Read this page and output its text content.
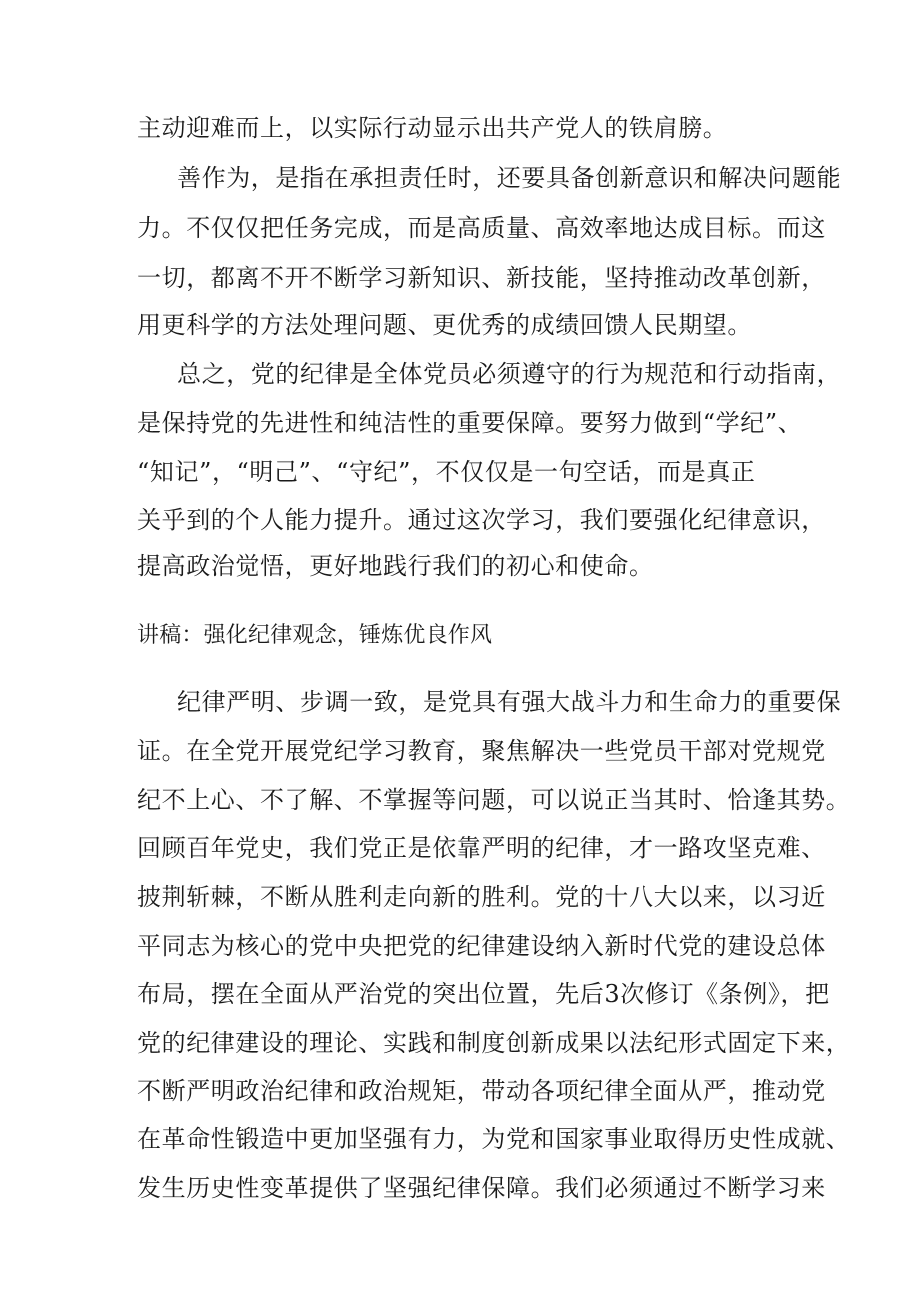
主动迎难而上，以实际行动显示出共产党人的铁肩膀。
善作为，是指在承担责任时，还要具备创新意识和解决问题能
力。不仅仅把任务完成，而是高质量、高效率地达成目标。而这
一切，都离不开不断学习新知识、新技能，坚持推动改革创新，
用更科学的方法处理问题、更优秀的成绩回馈人民期望。
总之，党的纪律是全体党员必须遵守的行为规范和行动指南，
是保持党的先进性和纯洁性的重要保障。要努力做到“学纪”、
“知记”，“明己”、“守纪”，不仅仅是一句空话，而是真正
关乎到的个人能力提升。通过这次学习，我们要强化纪律意识，
提高政治觉悟，更好地践行我们的初心和使命。
讲稿：强化纪律观念，锤炼优良作风
纪律严明、步调一致，是党具有强大战斗力和生命力的重要保
证。在全党开展党纪学习教育，聚焦解决一些党员干部对党规党
纪不上心、不了解、不掌握等问题，可以说正当其时、恰逢其势。
回顾百年党史，我们党正是依靠严明的纪律，才一路攻坚克难、
披荆斩棘，不断从胜利走向新的胜利。党的十八大以来，以习近
平同志为核心的党中央把党的纪律建设纳入新时代党的建设总体
布局，摆在全面从严治党的突出位置，先后3次修订《条例》，把
党的纪律建设的理论、实践和制度创新成果以法纪形式固定下来，
不断严明政治纪律和政治规矩，带动各项纪律全面从严，推动党
在革命性锻造中更加坚强有力，为党和国家事业取得历史性成就、
发生历史性变革提供了坚强纪律保障。我们必须通过不断学习来
